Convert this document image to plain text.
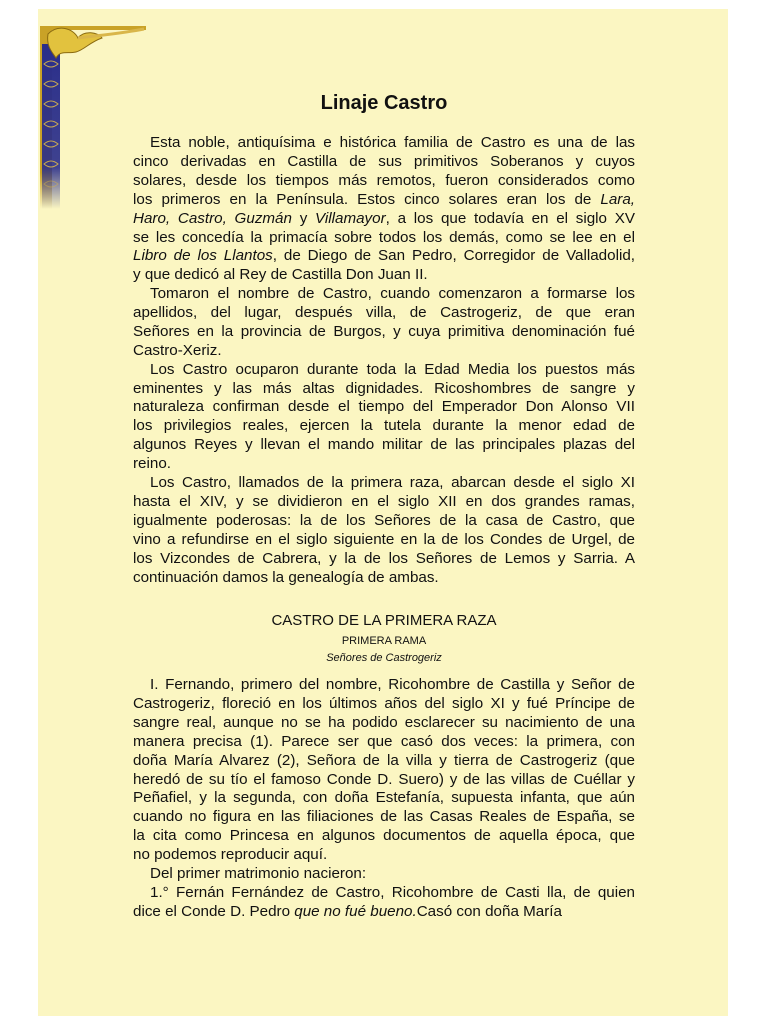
Linaje Castro
Esta noble, antiquísima e histórica familia de Castro es una de las
cinco derivadas en Castilla de sus primitivos Soberanos y cuyos
solares, desde los tiempos más remotos, fueron considerados como
los primeros en la Península. Estos cinco solares eran los de Lara,
Haro, Castro, Guzmán y Villamayor, a los que todavía en el siglo XV
se les concedía la primacía sobre todos los demás, como se lee en el
Libro de los Llantos, de Diego de San Pedro, Corregidor de Valladolid,
y que dedicó al Rey de Castilla Don Juan II.
Tomaron el nombre de Castro, cuando comenzaron a formarse los
apellidos, del lugar, después villa, de Castrogeriz, de que eran
Señores en la provincia de Burgos, y cuya primitiva denominación fué
Castro-Xeriz.
Los Castro ocuparon durante toda la Edad Media los puestos más
eminentes y las más altas dignidades. Ricoshombres de sangre y
naturaleza confirman desde el tiempo del Emperador Don Alonso VII
los privilegios reales, ejercen la tutela durante la menor edad de
algunos Reyes y llevan el mando militar de las principales plazas del
reino.
Los Castro, llamados de la primera raza, abarcan desde el siglo XI
hasta el XIV, y se dividieron en el siglo XII en dos grandes ramas,
igualmente poderosas: la de los Señores de la casa de Castro, que
vino a refundirse en el siglo siguiente en la de los Condes de Urgel, de
los Vizcondes de Cabrera, y la de los Señores de Lemos y Sarria. A
continuación damos la genealogía de ambas.

CASTRO DE LA PRIMERA RAZA

PRIMERA RAMA

Señores de Castrogeriz

I. Fernando, primero del nombre, Ricohombre de Castilla y Señor de
Castrogeriz, floreció en los últimos años del siglo XI y fué Príncipe de
sangre real, aunque no se ha podido esclarecer su nacimiento de una
manera precisa (1). Parece ser que casó dos veces: la primera, con
doña María Alvarez (2), Señora de la villa y tierra de Castrogeriz (que
heredó de su tío el famoso Conde D. Suero) y de las villas de Cuéllar y
Peñafiel, y la segunda, con doña Estefanía, supuesta infanta, que aún
cuando no figura en las filiaciones de las Casas Reales de España, se
la cita como Princesa en algunos documentos de aquella época, que
no podemos reproducir aquí.
Del primer matrimonio nacieron:
1.° Fernán Fernández de Castro, Ricohombre de Casti lla, de quien
dice el Conde D. Pedro que no fué bueno.Casó con doña María
